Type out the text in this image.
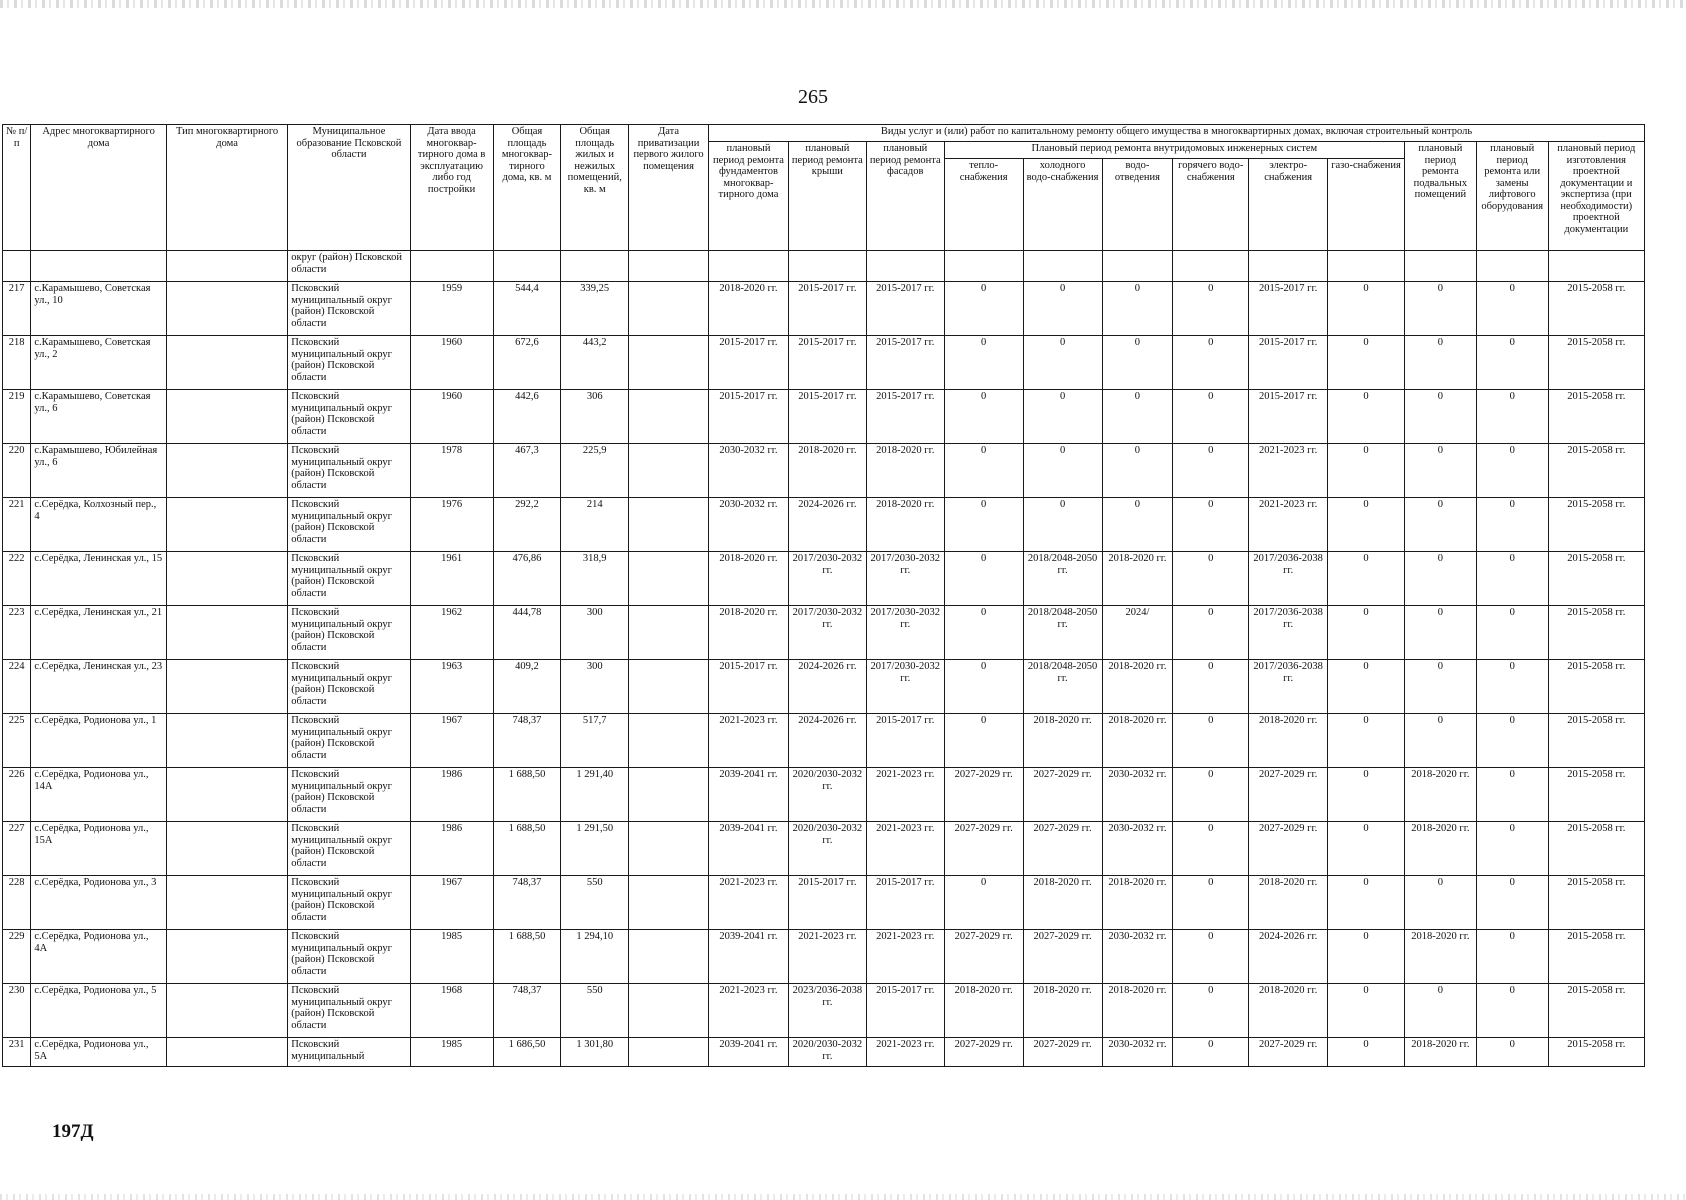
265
№ п/п	Адрес многоквартирного дома	Тип многоквартирного дома	Муниципальное образование Псковской области	Дата ввода многоквар-тирного дома в эксплуатацию либо год постройки	Общая площадь многоквар-тирного дома, кв. м	Общая площадь жилых и нежилых помещений, кв. м	Дата приватизации первого жилого помещения	Виды услуг и (или) работ по капитальному ремонту общего имущества в многоквартирных домах, включая строительный контроль											
								плановый период ремонта фундаментов многоквар-тирного дома	плановый период ремонта крыши	плановый период ремонта фасадов	Плановый период ремонта внутридомовых инженерных систем						плановый период ремонта подвальных помещений	плановый период ремонта или замены лифтового оборудования	плановый период изготовления проектной документации и экспертиза (при необходимости) проектной документации
											тепло-снабжения	холодного водо-снабжения	водо-отведения	горячего водо-снабжения	электро-снабжения	газо-снабжения			
			округ (район) Псковской области																
217	с.Карамышево, Советская ул., 10		Псковский муниципальный округ (район) Псковской области	1959	544,4	339,25		2018-2020 гг.	2015-2017 гг.	2015-2017 гг.	0	0	0	0	2015-2017 гг.	0	0	0	2015-2058 гг.
218	с.Карамышево, Советская ул., 2		Псковский муниципальный округ (район) Псковской области	1960	672,6	443,2		2015-2017 гг.	2015-2017 гг.	2015-2017 гг.	0	0	0	0	2015-2017 гг.	0	0	0	2015-2058 гг.
219	с.Карамышево, Советская ул., 6		Псковский муниципальный округ (район) Псковской области	1960	442,6	306		2015-2017 гг.	2015-2017 гг.	2015-2017 гг.	0	0	0	0	2015-2017 гг.	0	0	0	2015-2058 гг.
220	с.Карамышево, Юбилейная ул., 6		Псковский муниципальный округ (район) Псковской области	1978	467,3	225,9		2030-2032 гг.	2018-2020 гг.	2018-2020 гг.	0	0	0	0	2021-2023 гг.	0	0	0	2015-2058 гг.
221	с.Серёдка, Колхозный пер., 4		Псковский муниципальный округ (район) Псковской области	1976	292,2	214		2030-2032 гг.	2024-2026 гг.	2018-2020 гг.	0	0	0	0	2021-2023 гг.	0	0	0	2015-2058 гг.
222	с.Серёдка, Ленинская ул., 15		Псковский муниципальный округ (район) Псковской области	1961	476,86	318,9		2018-2020 гг.	2017/2030-2032 гг.	2017/2030-2032 гг.	0	2018/2048-2050 гг.	2018-2020 гг.	0	2017/2036-2038 гг.	0	0	0	2015-2058 гг.
223	с.Серёдка, Ленинская ул., 21		Псковский муниципальный округ (район) Псковской области	1962	444,78	300		2018-2020 гг.	2017/2030-2032 гг.	2017/2030-2032 гг.	0	2018/2048-2050 гг.	2024/	0	2017/2036-2038 гг.	0	0	0	2015-2058 гг.
224	с.Серёдка, Ленинская ул., 23		Псковский муниципальный округ (район) Псковской области	1963	409,2	300		2015-2017 гг.	2024-2026 гг.	2017/2030-2032 гг.	0	2018/2048-2050 гг.	2018-2020 гг.	0	2017/2036-2038 гг.	0	0	0	2015-2058 гг.
225	с.Серёдка, Родионова ул., 1		Псковский муниципальный округ (район) Псковской области	1967	748,37	517,7		2021-2023 гг.	2024-2026 гг.	2015-2017 гг.	0	2018-2020 гг.	2018-2020 гг.	0	2018-2020 гг.	0	0	0	2015-2058 гг.
226	с.Серёдка, Родионова ул., 14А		Псковский муниципальный округ (район) Псковской области	1986	1 688,50	1 291,40		2039-2041 гг.	2020/2030-2032 гг.	2021-2023 гг.	2027-2029 гг.	2027-2029 гг.	2030-2032 гг.	0	2027-2029 гг.	0	2018-2020 гг.	0	2015-2058 гг.
227	с.Серёдка, Родионова ул., 15А		Псковский муниципальный округ (район) Псковской области	1986	1 688,50	1 291,50		2039-2041 гг.	2020/2030-2032 гг.	2021-2023 гг.	2027-2029 гг.	2027-2029 гг.	2030-2032 гг.	0	2027-2029 гг.	0	2018-2020 гг.	0	2015-2058 гг.
228	с.Серёдка, Родионова ул., 3		Псковский муниципальный округ (район) Псковской области	1967	748,37	550		2021-2023 гг.	2015-2017 гг.	2015-2017 гг.	0	2018-2020 гг.	2018-2020 гг.	0	2018-2020 гг.	0	0	0	2015-2058 гг.
229	с.Серёдка, Родионова ул., 4А		Псковский муниципальный округ (район) Псковской области	1985	1 688,50	1 294,10		2039-2041 гг.	2021-2023 гг.	2021-2023 гг.	2027-2029 гг.	2027-2029 гг.	2030-2032 гг.	0	2024-2026 гг.	0	2018-2020 гг.	0	2015-2058 гг.
230	с.Серёдка, Родионова ул., 5		Псковский муниципальный округ (район) Псковской области	1968	748,37	550		2021-2023 гг.	2023/2036-2038 гг.	2015-2017 гг.	2018-2020 гг.	2018-2020 гг.	2018-2020 гг.	0	2018-2020 гг.	0	0	0	2015-2058 гг.
231	с.Серёдка, Родионова ул., 5А		Псковский муниципальный	1985	1 686,50	1 301,80		2039-2041 гг.	2020/2030-2032 гг.	2021-2023 гг.	2027-2029 гг.	2027-2029 гг.	2030-2032 гг.	0	2027-2029 гг.	0	2018-2020 гг.	0	2015-2058 гг.
197Д
